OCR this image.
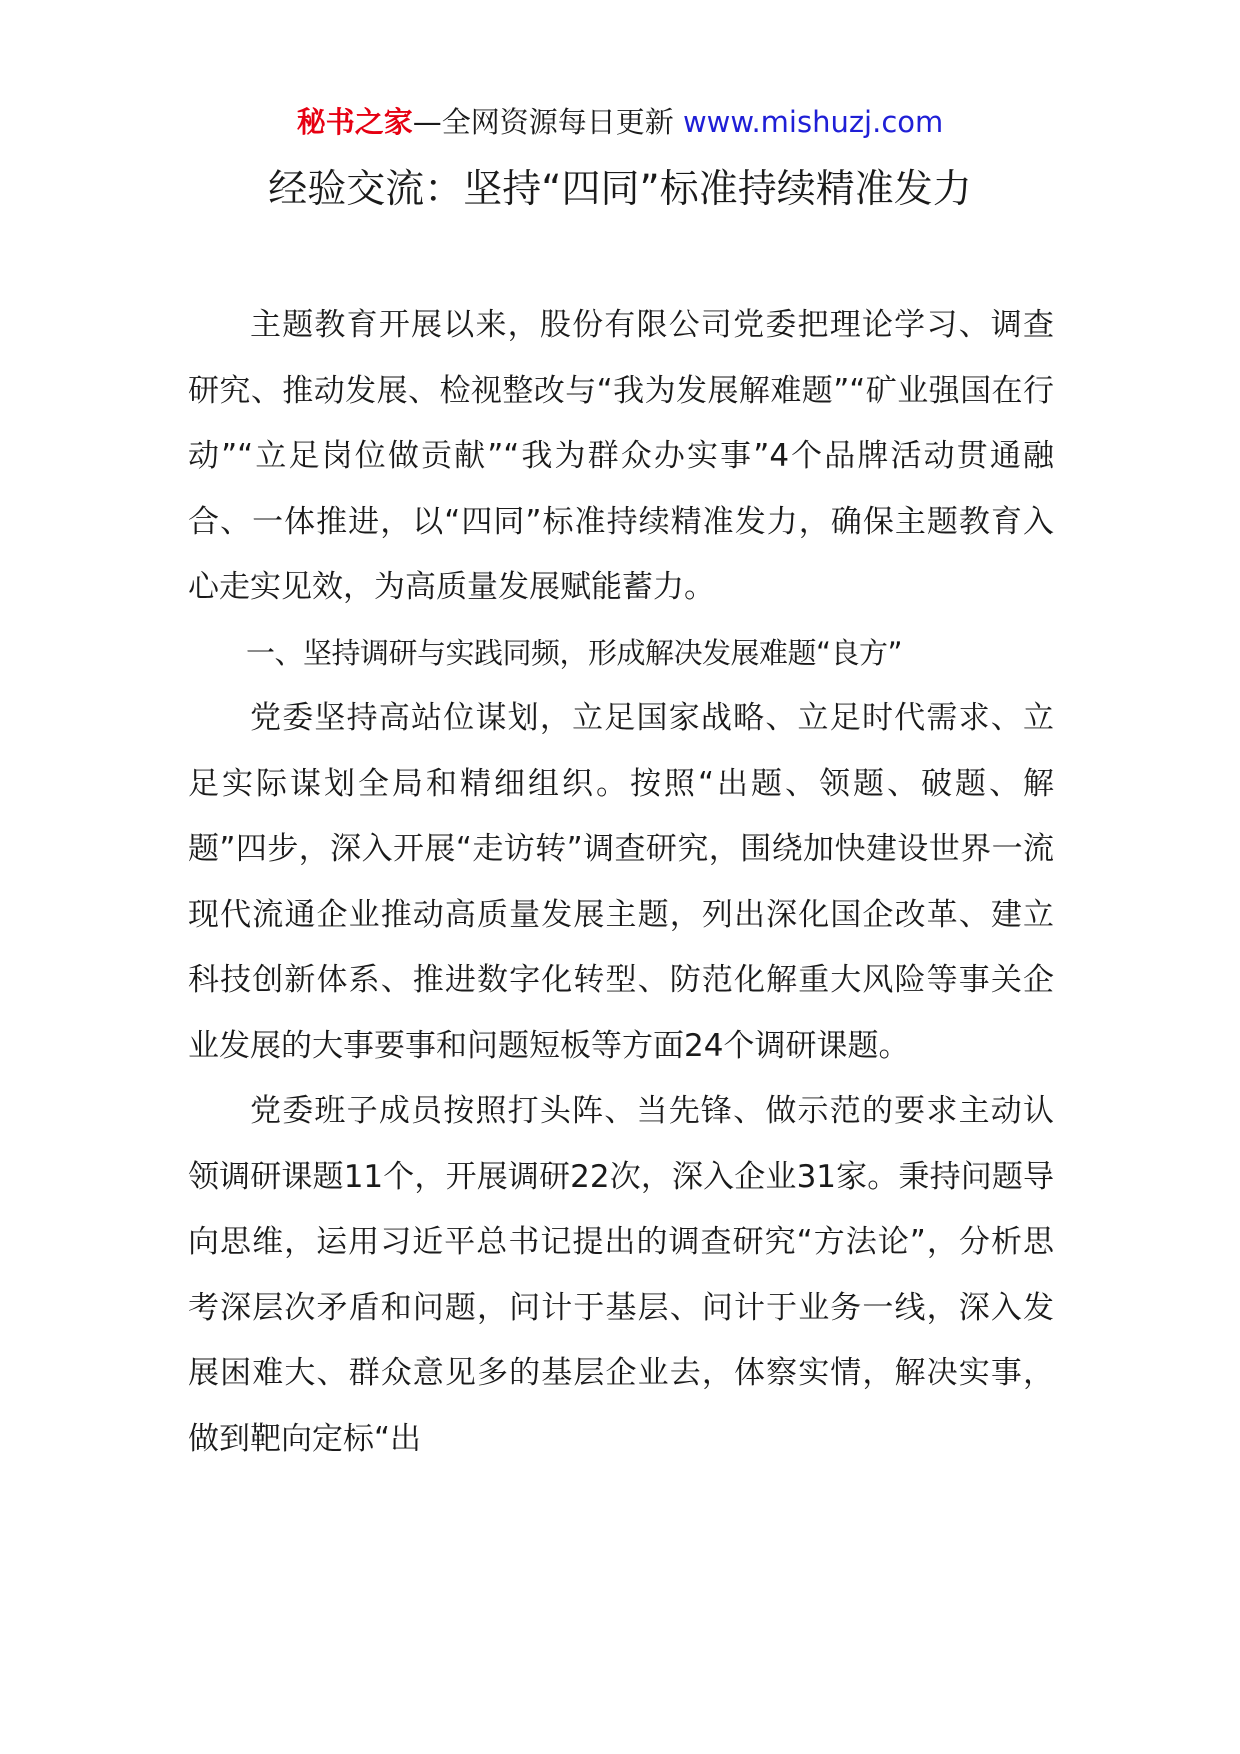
秘书之家—全网资源每日更新 www.mishuzj.com
经验交流：坚持“四同”标准持续精准发力

主题教育开展以来，股份有限公司党委把理论学习、调查研究、推动发展、检视整改与“我为发展解难题”“矿业强国在行动”“立足岗位做贡献”“我为群众办实事”4个品牌活动贯通融合、一体推进，以“四同”标准持续精准发力，确保主题教育入心走实见效，为高质量发展赋能蓄力。

一、坚持调研与实践同频，形成解决发展难题“良方”

党委坚持高站位谋划，立足国家战略、立足时代需求、立足实际谋划全局和精细组织。按照“出题、领题、破题、解题”四步，深入开展“走访转”调查研究，围绕加快建设世界一流现代流通企业推动高质量发展主题，列出深化国企改革、建立科技创新体系、推进数字化转型、防范化解重大风险等事关企业发展的大事要事和问题短板等方面24个调研课题。

党委班子成员按照打头阵、当先锋、做示范的要求主动认领调研课题11个，开展调研22次，深入企业31家。秉持问题导向思维，运用习近平总书记提出的调查研究“方法论”，分析思考深层次矛盾和问题，问计于基层、问计于业务一线，深入发展困难大、群众意见多的基层企业去，体察实情，解决实事，做到靶向定标“出
